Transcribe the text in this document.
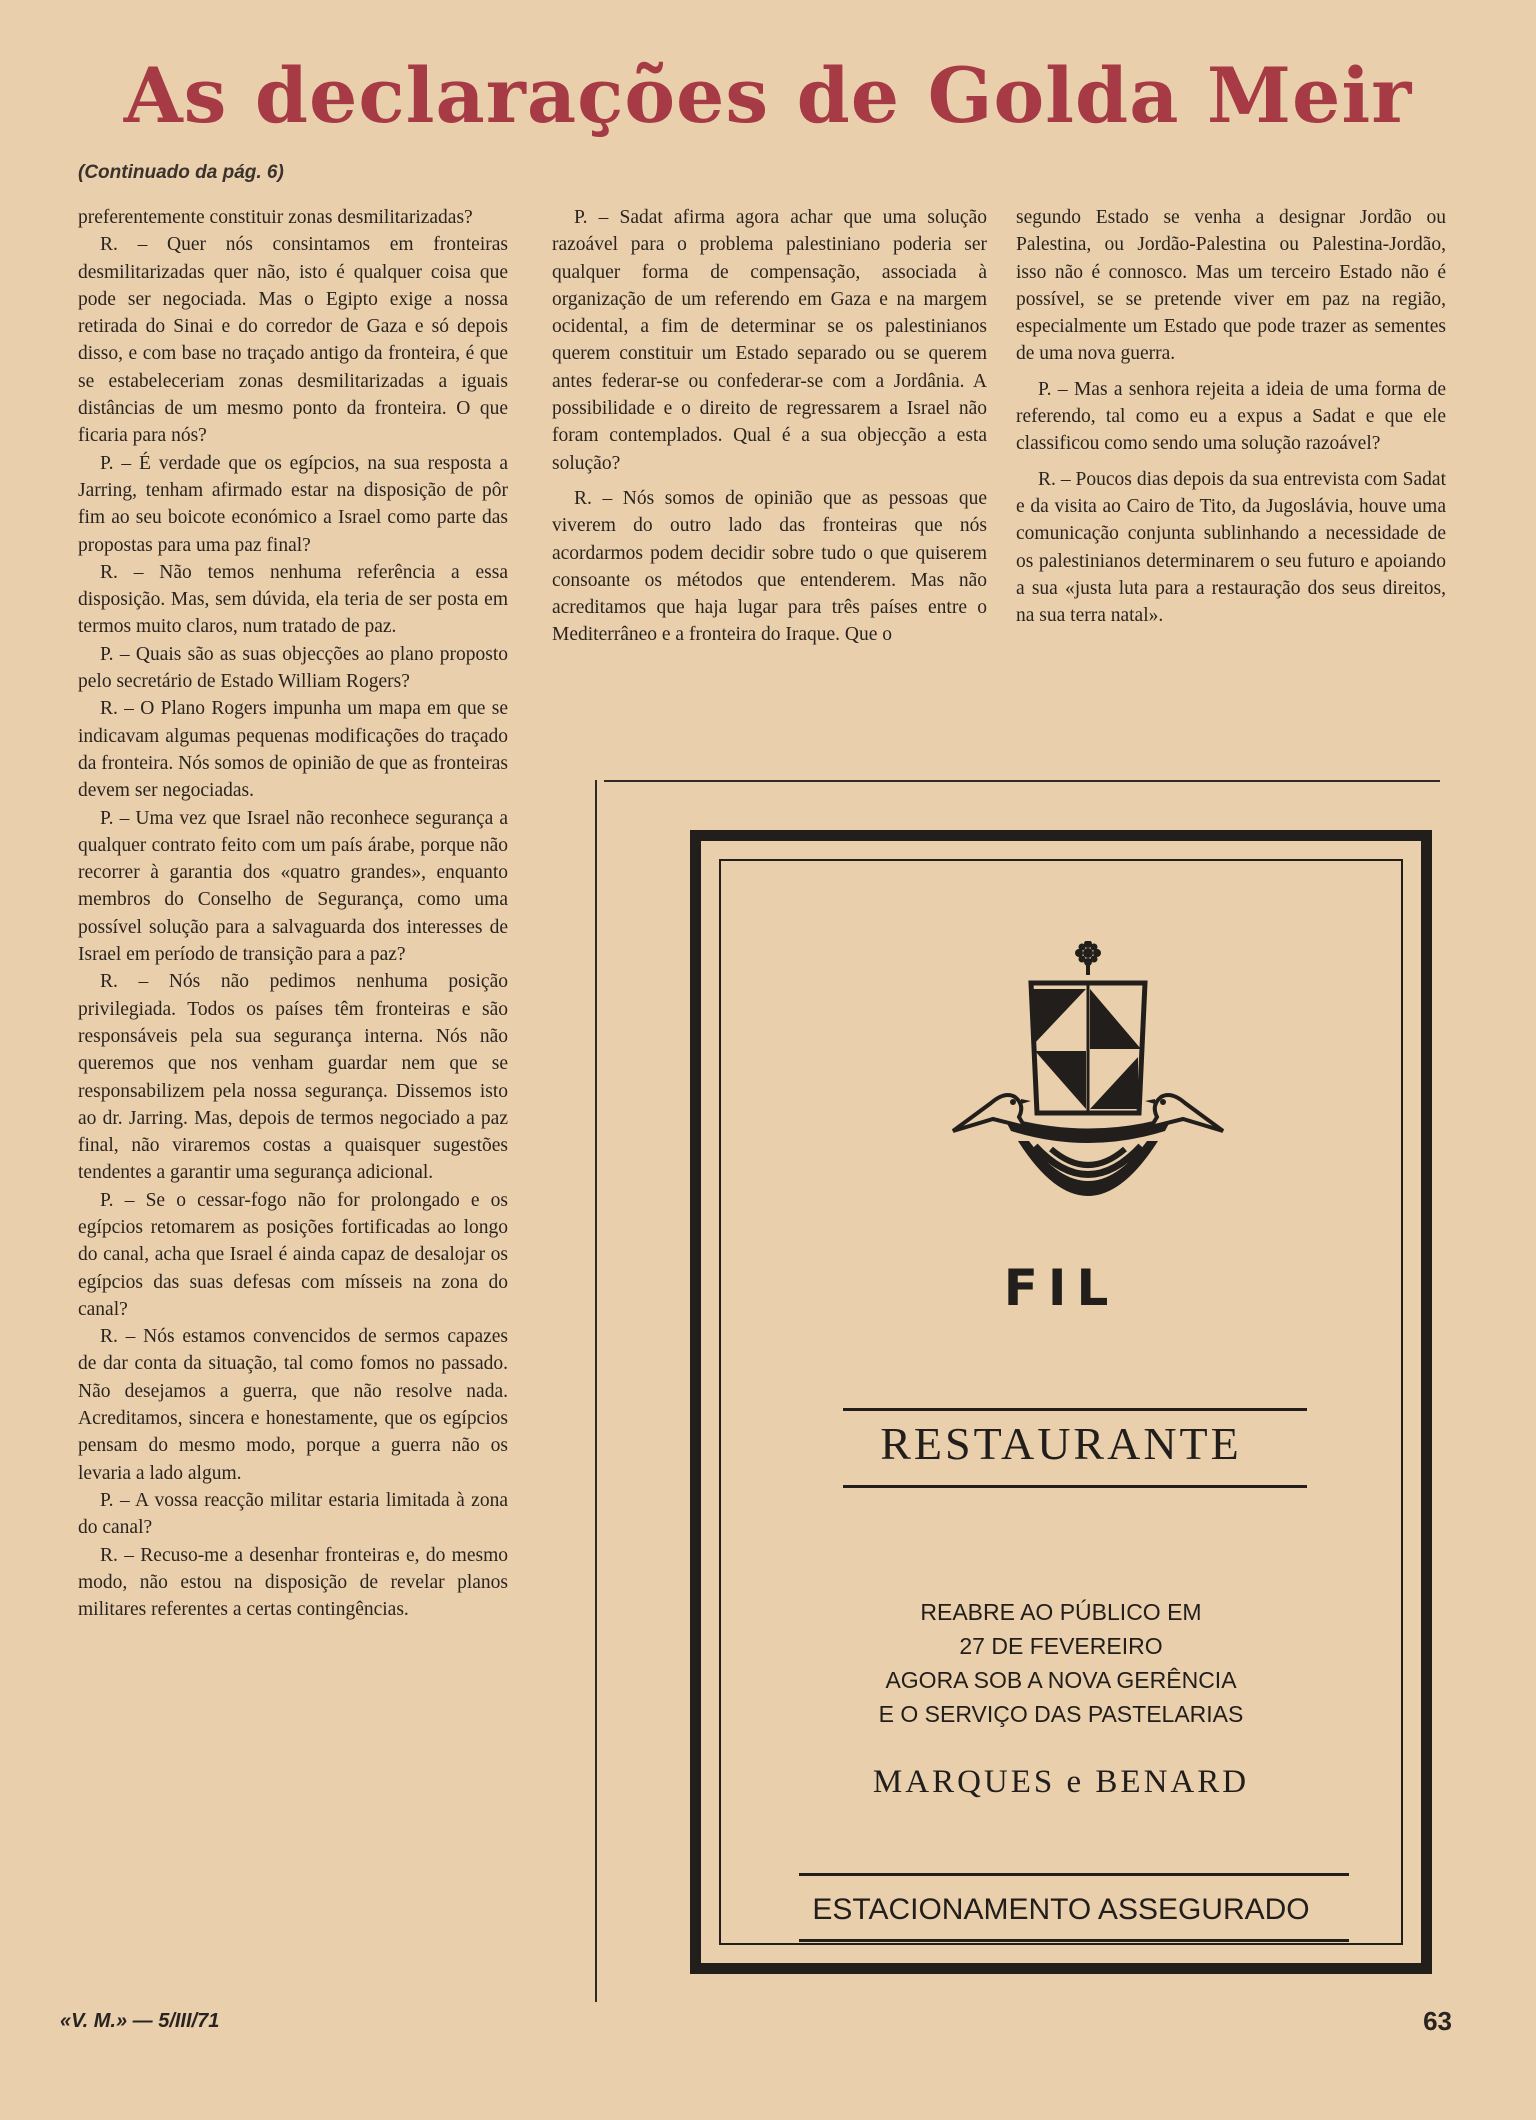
As declarações de Golda Meir
(Continuado da pág. 6)

preferentemente constituir zonas desmilitarizadas?

R. – Quer nós consintamos em fronteiras desmilitarizadas quer não, isto é qualquer coisa que pode ser negociada. Mas o Egipto exige a nossa retirada do Sinai e do corredor de Gaza e só depois disso, e com base no traçado antigo da fronteira, é que se estabeleceriam zonas desmilitarizadas a iguais distâncias de um mesmo ponto da fronteira. O que ficaria para nós?

P. – É verdade que os egípcios, na sua resposta a Jarring, tenham afirmado estar na disposição de pôr fim ao seu boicote económico a Israel como parte das propostas para uma paz final?

R. – Não temos nenhuma referência a essa disposição. Mas, sem dúvida, ela teria de ser posta em termos muito claros, num tratado de paz.

P. – Quais são as suas objecções ao plano proposto pelo secretário de Estado William Rogers?

R. – O Plano Rogers impunha um mapa em que se indicavam algumas pequenas modificações do traçado da fronteira. Nós somos de opinião de que as fronteiras devem ser negociadas.

P. – Uma vez que Israel não reconhece segurança a qualquer contrato feito com um país árabe, porque não recorrer à garantia dos «quatro grandes», enquanto membros do Conselho de Segurança, como uma possível solução para a salvaguarda dos interesses de Israel em período de transição para a paz?

R. – Nós não pedimos nenhuma posição privilegiada. Todos os países têm fronteiras e são responsáveis pela sua segurança interna. Nós não queremos que nos venham guardar nem que se responsabilizem pela nossa segurança. Dissemos isto ao dr. Jarring. Mas, depois de termos negociado a paz final, não viraremos costas a quaisquer sugestões tendentes a garantir uma segurança adicional.

P. – Se o cessar-fogo não for prolongado e os egípcios retomarem as posições fortificadas ao longo do canal, acha que Israel é ainda capaz de desalojar os egípcios das suas defesas com mísseis na zona do canal?

R. – Nós estamos convencidos de sermos capazes de dar conta da situação, tal como fomos no passado. Não desejamos a guerra, que não resolve nada. Acreditamos, sincera e honestamente, que os egípcios pensam do mesmo modo, porque a guerra não os levaria a lado algum.

P. – A vossa reacção militar estaria limitada à zona do canal?

R. – Recuso-me a desenhar fronteiras e, do mesmo modo, não estou na disposição de revelar planos militares referentes a certas contingências.

P. – Sadat afirma agora achar que uma solução razoável para o problema palestiniano poderia ser qualquer forma de compensação, associada à organização de um referendo em Gaza e na margem ocidental, a fim de determinar se os palestinianos querem constituir um Estado separado ou se querem antes federar-se ou confederar-se com a Jordânia. A possibilidade e o direito de regressarem a Israel não foram contemplados. Qual é a sua objecção a esta solução?

R. – Nós somos de opinião que as pessoas que viverem do outro lado das fronteiras que nós acordarmos podem decidir sobre tudo o que quiserem consoante os métodos que entenderem. Mas não acreditamos que haja lugar para três países entre o Mediterrâneo e a fronteira do Iraque. Que o

segundo Estado se venha a designar Jordão ou Palestina, ou Jordão-Palestina ou Palestina-Jordão, isso não é connosco. Mas um terceiro Estado não é possível, se se pretende viver em paz na região, especialmente um Estado que pode trazer as sementes de uma nova guerra.

P. – Mas a senhora rejeita a ideia de uma forma de referendo, tal como eu a expus a Sadat e que ele classificou como sendo uma solução razoável?

R. – Poucos dias depois da sua entrevista com Sadat e da visita ao Cairo de Tito, da Jugoslávia, houve uma comunicação conjunta sublinhando a necessidade de os palestinianos determinarem o seu futuro e apoiando a sua «justa luta para a restauração dos seus direitos, na sua terra natal».

FIL
RESTAURANTE
REABRE AO PÚBLICO EM
27 DE FEVEREIRO
AGORA SOB A NOVA GERÊNCIA
E O SERVIÇO DAS PASTELARIAS
MARQUES e BENARD
ESTACIONAMENTO ASSEGURADO
«V. M.» — 5/III/71	63
